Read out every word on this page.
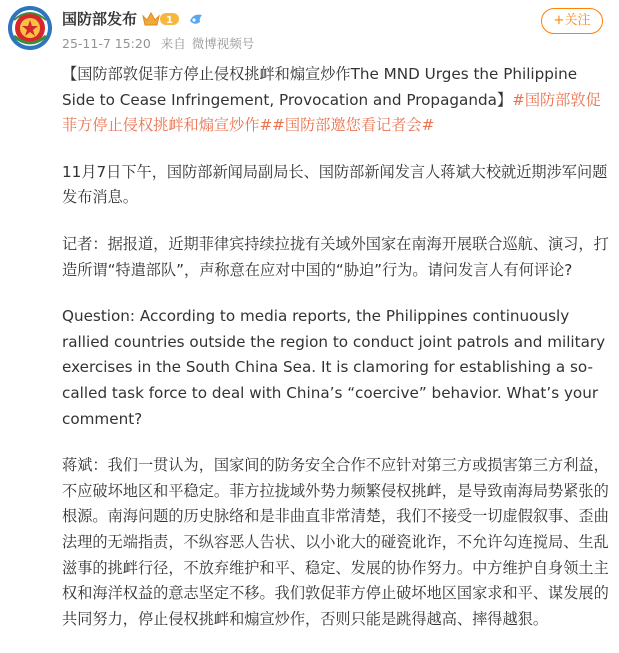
国防部发布	1
25-11-7 15:20 来自 微博视频号
+关注

【国防部敦促菲方停止侵权挑衅和煽宣炒作The MND Urges the Philippine Side to Cease Infringement, Provocation and Propaganda】#国防部敦促菲方停止侵权挑衅和煽宣炒作##国防部邀您看记者会#

11月7日下午，国防部新闻局副局长、国防部新闻发言人蒋斌大校就近期涉军问题发布消息。

记者：据报道，近期菲律宾持续拉拢有关域外国家在南海开展联合巡航、演习，打造所谓“特遣部队”，声称意在应对中国的“胁迫”行为。请问发言人有何评论?

Question: According to media reports, the Philippines continuously rallied countries outside the region to conduct joint patrols and military exercises in the South China Sea. It is clamoring for establishing a so-called task force to deal with China’s “coercive” behavior. What’s your comment?

蒋斌：我们一贯认为，国家间的防务安全合作不应针对第三方或损害第三方利益，不应破坏地区和平稳定。菲方拉拢域外势力频繁侵权挑衅，是导致南海局势紧张的根源。南海问题的历史脉络和是非曲直非常清楚，我们不接受一切虚假叙事、歪曲法理的无端指责，不纵容恶人告状、以小讹大的碰瓷讹诈，不允许勾连搅局、生乱滋事的挑衅行径，不放弃维护和平、稳定、发展的协作努力。中方维护自身领土主权和海洋权益的意志坚定不移。我们敦促菲方停止破坏地区国家求和平、谋发展的共同努力，停止侵权挑衅和煽宣炒作，否则只能是跳得越高、摔得越狠。
